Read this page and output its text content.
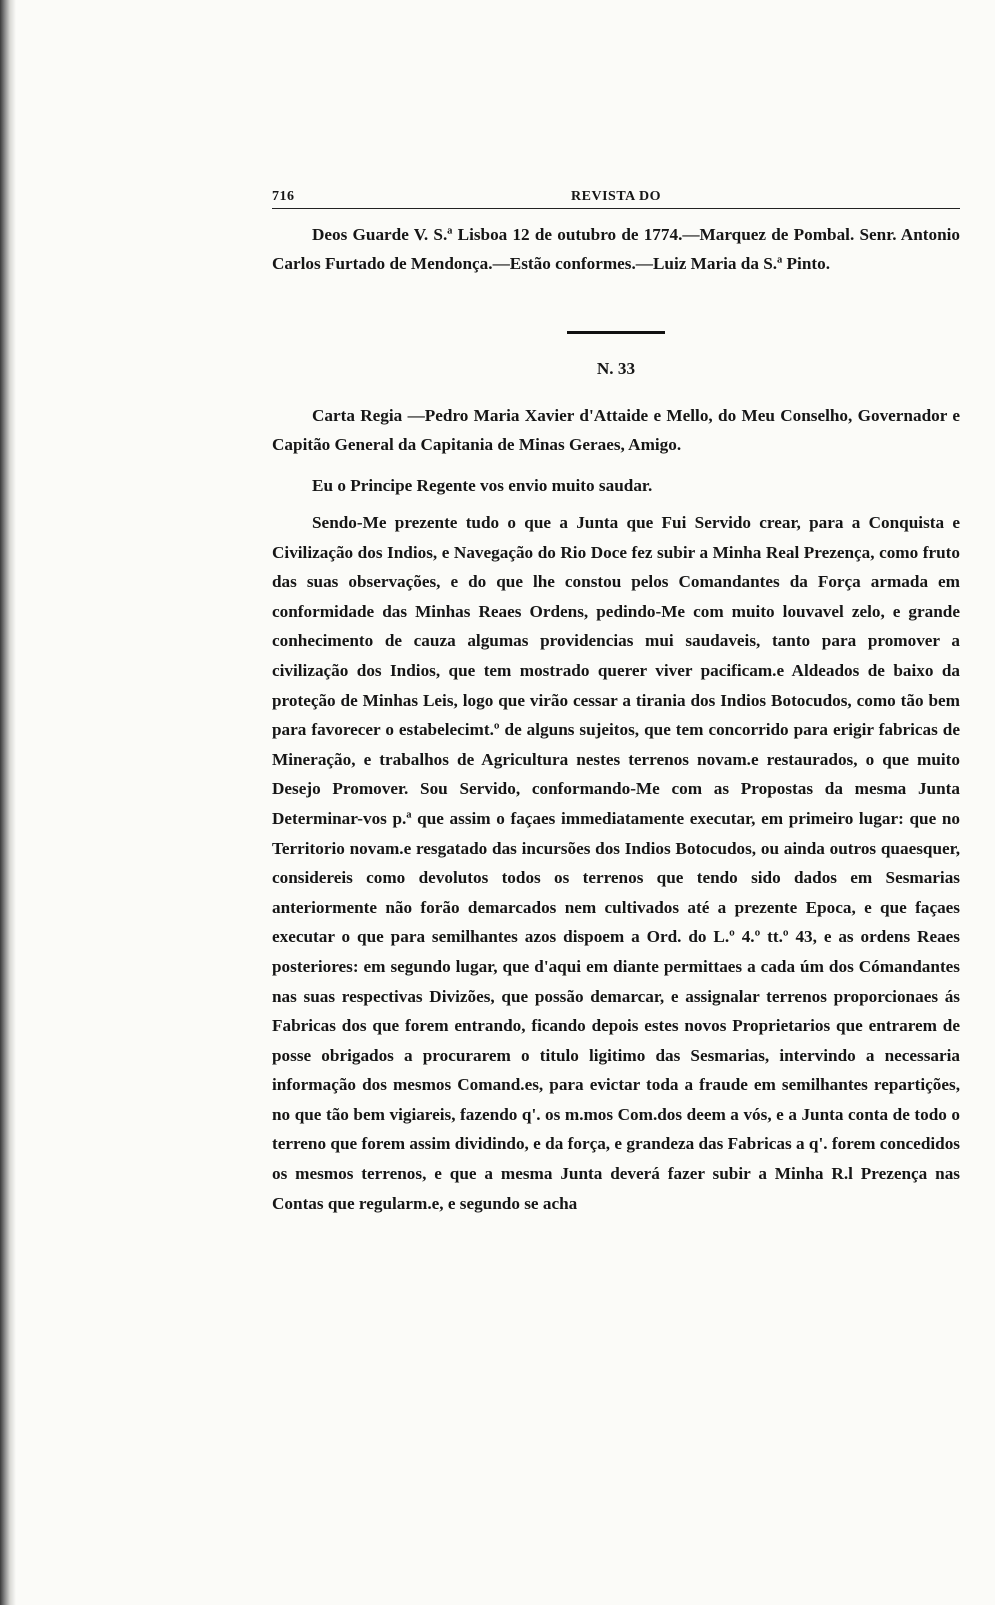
716	REVISTA DO

Deos Guarde V. S.ª Lisboa 12 de outubro de 1774.—Marquez de Pombal. Senr. Antonio Carlos Furtado de Mendonça.—Estão conformes.—Luiz Maria da S.ª Pinto.

N. 33

Carta Regia —Pedro Maria Xavier d'Attaide e Mello, do Meu Conselho, Governador e Capitão General da Capitania de Minas Geraes, Amigo.

Eu o Principe Regente vos envio muito saudar.

Sendo-Me prezente tudo o que a Junta que Fui Servido crear, para a Conquista e Civilização dos Indios, e Navegação do Rio Doce fez subir a Minha Real Prezença, como fruto das suas observações, e do que lhe constou pelos Comandantes da Força armada em conformidade das Minhas Reaes Ordens, pedindo-Me com muito louvavel zelo, e grande conhecimento de cauza algumas providencias mui saudaveis, tanto para promover a civilização dos Indios, que tem mostrado querer viver pacificam.e Aldeados de baixo da proteção de Minhas Leis, logo que virão cessar a tirania dos Indios Botocudos, como tão bem para favorecer o estabelecimt.º de alguns sujeitos, que tem concorrido para erigir fabricas de Mineração, e trabalhos de Agricultura nestes terrenos novam.e restaurados, o que muito Desejo Promover. Sou Servido, conformando-Me com as Propostas da mesma Junta Determinar-vos p.ª que assim o façaes immediatamente executar, em primeiro lugar: que no Territorio novam.e resgatado das incursões dos Indios Botocudos, ou ainda outros quaesquer, considereis como devolutos todos os terrenos que tendo sido dados em Sesmarias anteriormente não forão demarcados nem cultivados até a prezente Epoca, e que façaes executar o que para semilhantes azos dispoem a Ord. do L.º 4.º tt.º 43, e as ordens Reaes posteriores: em segundo lugar, que d'aqui em diante permittaes a cada úm dos Cómandantes nas suas respectivas Divizões, que possão demarcar, e assignalar terrenos proporcionaes ás Fabricas dos que forem entrando, ficando depois estes novos Proprietarios que entrarem de posse obrigados a procurarem o titulo ligitimo das Sesmarias, intervindo a necessaria informação dos mesmos Comand.es, para evictar toda a fraude em semilhantes repartições, no que tão bem vigiareis, fazendo q'. os m.mos Com.dos deem a vós, e a Junta conta de todo o terreno que forem assim dividindo, e da força, e grandeza das Fabricas a q'. forem concedidos os mesmos terrenos, e que a mesma Junta deverá fazer subir a Minha R.l Prezença nas Contas que regularm.e, e segundo se acha
